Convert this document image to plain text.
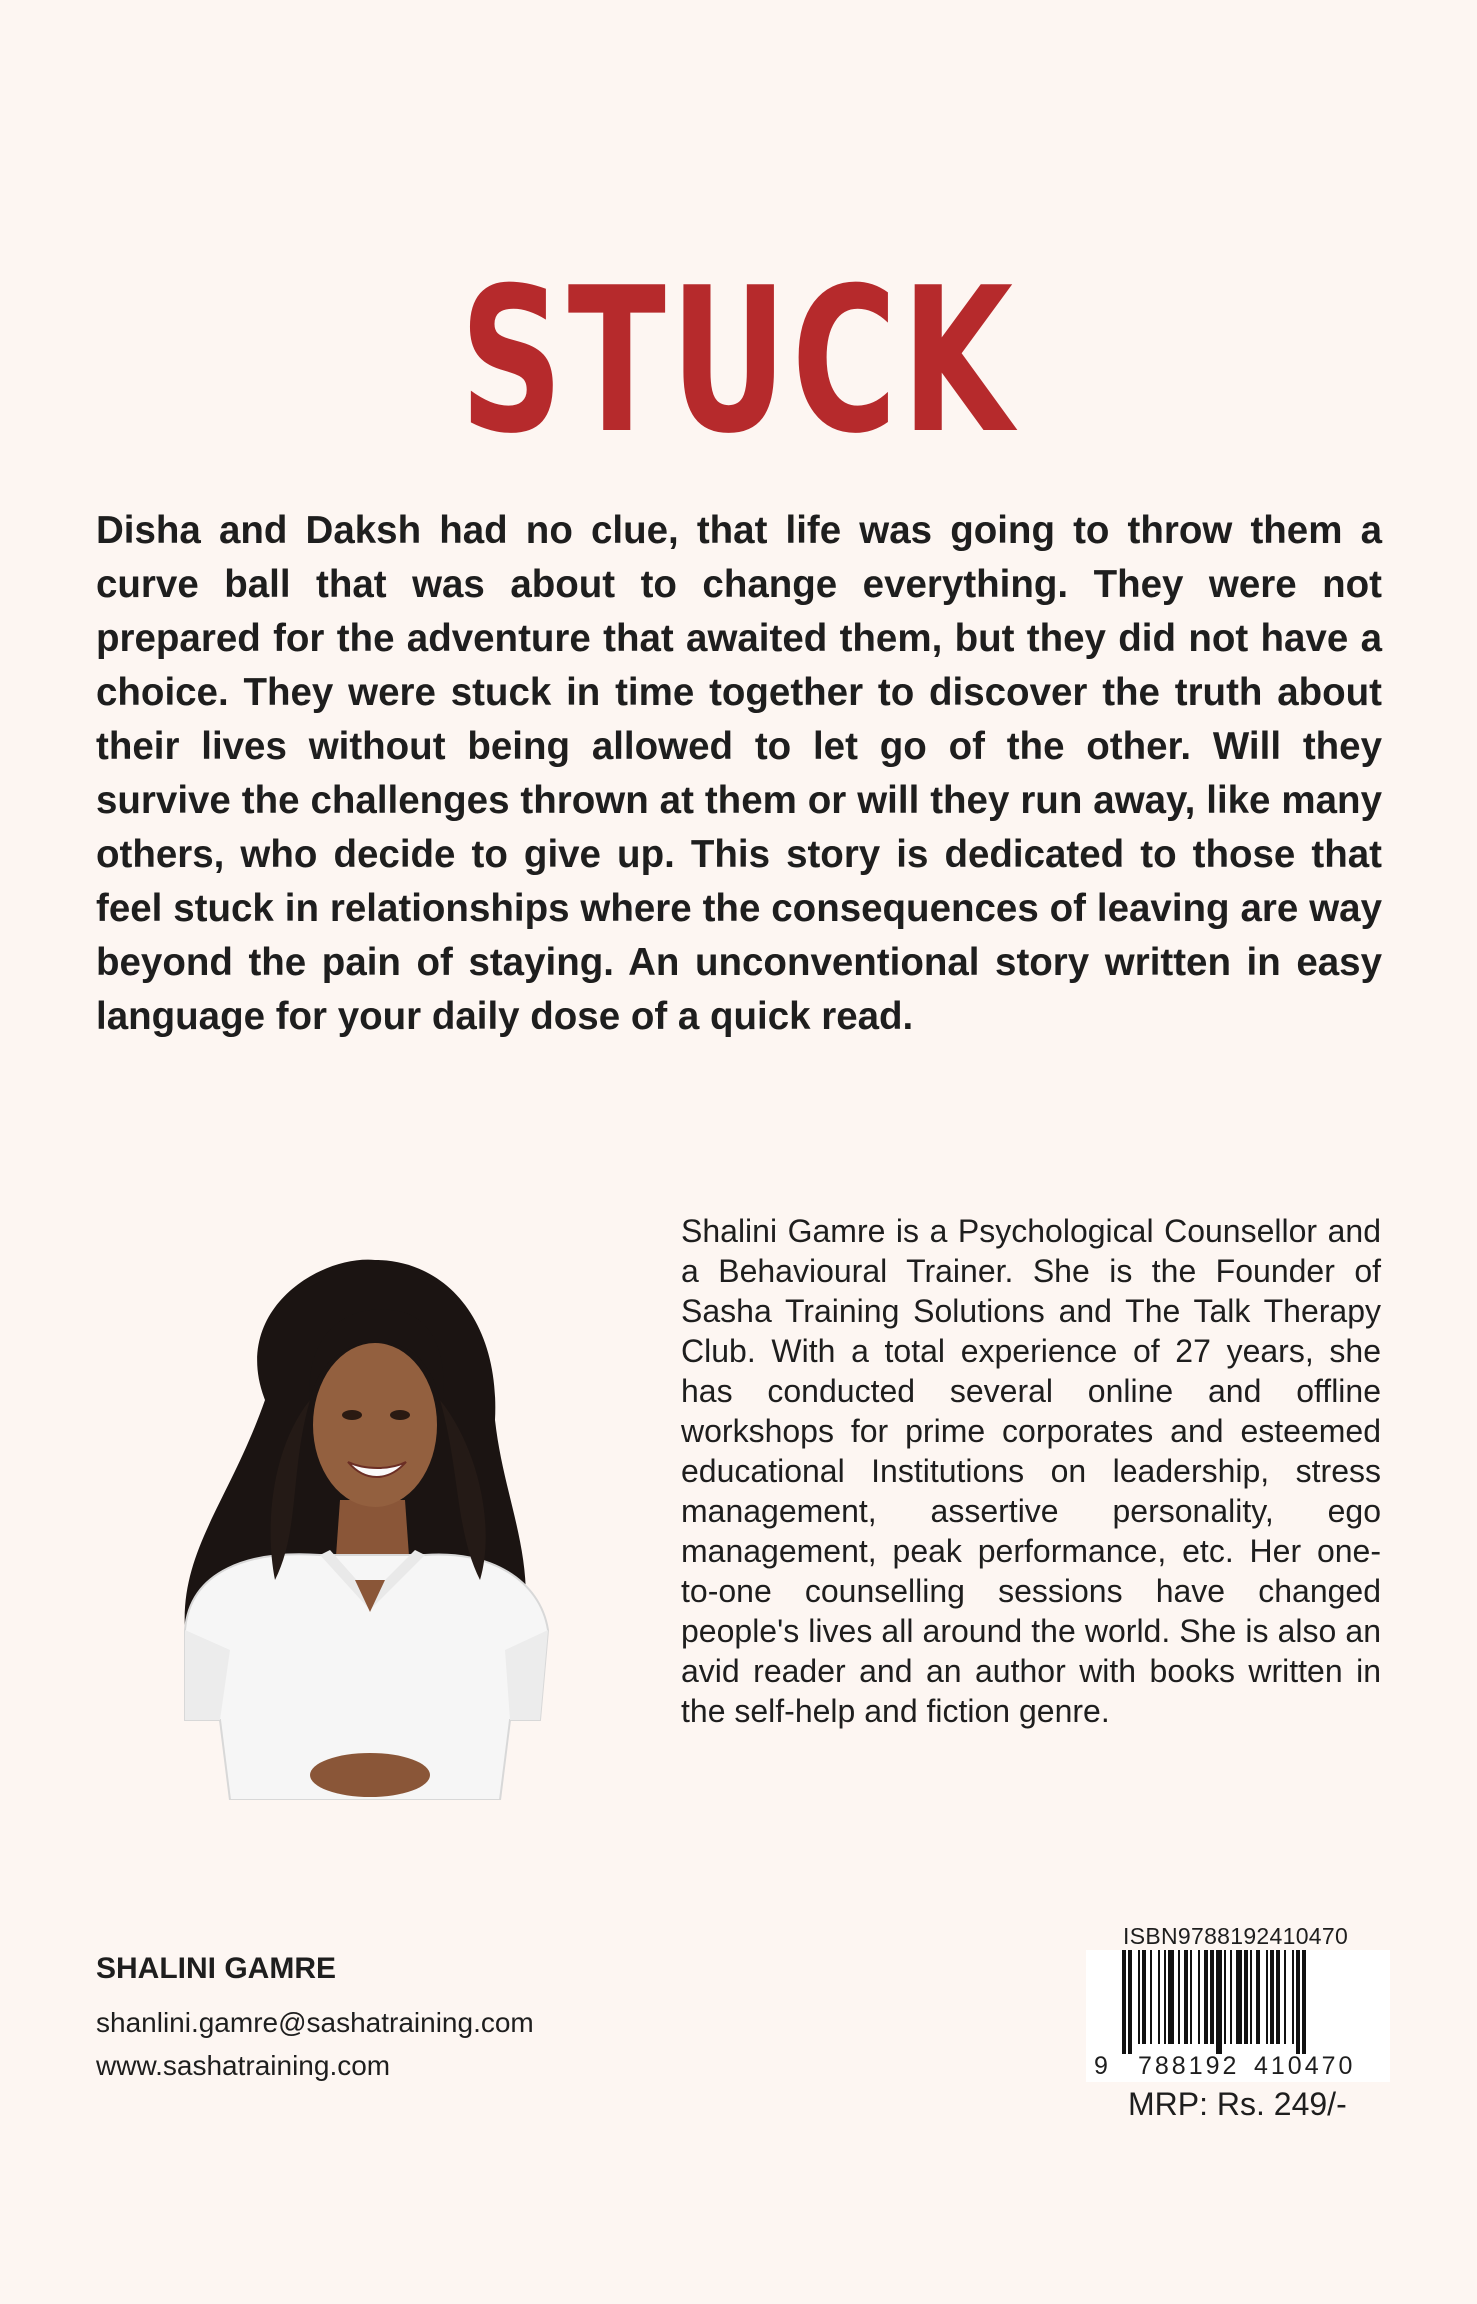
STUCK

Disha and Daksh had no clue, that life was going to throw them a curve ball that was about to change everything. They were not prepared for the adventure that awaited them, but they did not have a choice. They were stuck in time together to discover the truth about their lives without being allowed to let go of the other. Will they survive the challenges thrown at them or will they run away, like many others, who decide to give up. This story is dedicated to those that feel stuck in relationships where the consequences of leaving are way beyond the pain of staying. An unconventional story written in easy language for your daily dose of a quick read.

Shalini Gamre is a Psychological Counsellor and a Behavioural Trainer. She is the Founder of Sasha Training Solutions and The Talk Therapy Club. With a total experience of 27 years, she has conducted several online and offline workshops for prime corporates and esteemed educational Institutions on leadership, stress management, assertive personality, ego management, peak performance, etc. Her one-to-one counselling sessions have changed people's lives all around the world. She is also an avid reader and an author with books written in the self-help and fiction genre.

SHALINI GAMRE
shanlini.gamre@sashatraining.com
www.sashatraining.com
ISBN9788192410470
9 788192 410470
MRP: Rs. 249/-
